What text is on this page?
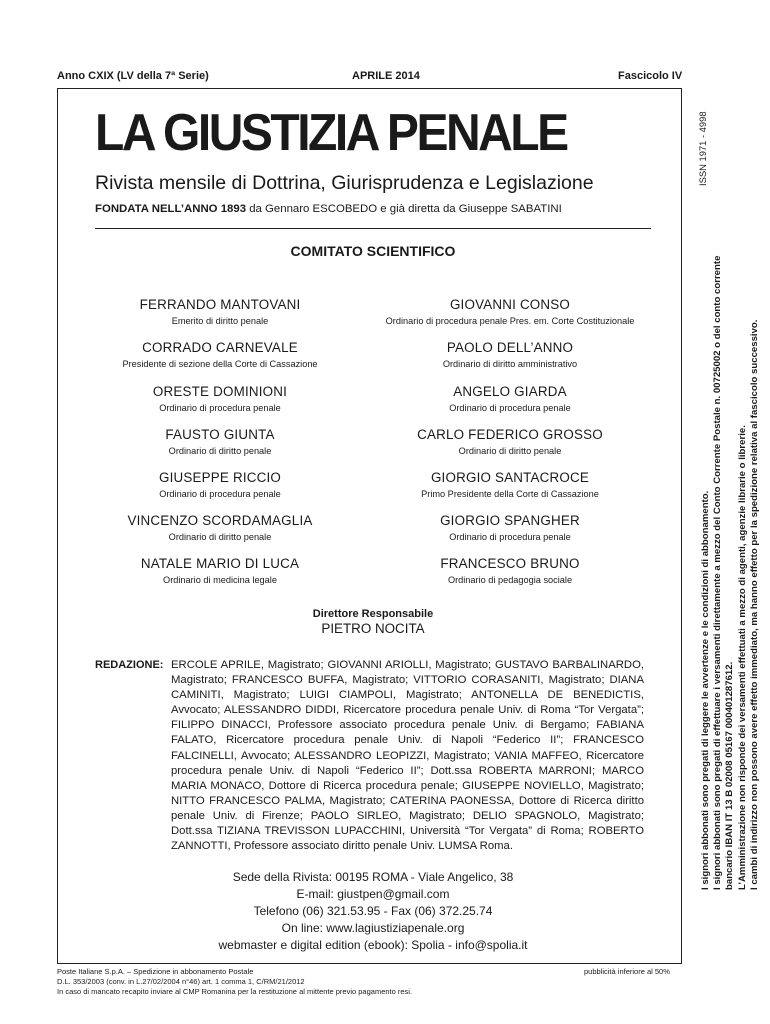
Anno CXIX (LV della 7ª Serie)	APRILE 2014	Fascicolo IV
LA GIUSTIZIA PENALE
Rivista mensile di Dottrina, Giurisprudenza e Legislazione
FONDATA NELL’ANNO 1893 da Gennaro ESCOBEDO e già diretta da Giuseppe SABATINI
ISSN 1971 - 4998
COMITATO SCIENTIFICO
FERRANDO MANTOVANI
Emerito di diritto penale
CORRADO CARNEVALE
Presidente di sezione della Corte di Cassazione
ORESTE DOMINIONI
Ordinario di procedura penale
FAUSTO GIUNTA
Ordinario di diritto penale
GIUSEPPE RICCIO
Ordinario di procedura penale
VINCENZO SCORDAMAGLIA
Ordinario di diritto penale
NATALE MARIO DI LUCA
Ordinario di medicina legale
GIOVANNI CONSO
Ordinario di procedura penale Pres. em. Corte Costituzionale
PAOLO DELL’ANNO
Ordinario di diritto amministrativo
ANGELO GIARDA
Ordinario di procedura penale
CARLO FEDERICO GROSSO
Ordinario di diritto penale
GIORGIO SANTACROCE
Primo Presidente della Corte di Cassazione
GIORGIO SPANGHER
Ordinario di procedura penale
FRANCESCO BRUNO
Ordinario di pedagogia sociale
Direttore Responsabile
PIETRO NOCITA
REDAZIONE: ERCOLE APRILE, Magistrato; GIOVANNI ARIOLLI, Magistrato; GUSTAVO BARBALINARDO, Magistrato; FRANCESCO BUFFA, Magistrato; VITTORIO CORASANITI, Magistrato; DIANA CAMINITI, Magistrato; LUIGI CIAMPOLI, Magistrato; ANTONELLA DE BENEDICTIS, Avvocato; ALESSANDRO DIDDI, Ricercatore procedura penale Univ. di Roma “Tor Vergata”; FILIPPO DINACCI, Professore associato procedura penale Univ. di Bergamo; FABIANA FALATO, Ricercatore procedura penale Univ. di Napoli “Federico II”; FRANCESCO FALCINELLI, Avvocato; ALESSANDRO LEOPIZZI, Magistrato; VANIA MAFFEO, Ricercatore procedura penale Univ. di Napoli “Federico II”; Dott.ssa ROBERTA MARRONI; MARCO MARIA MONACO, Dottore di Ricerca procedura penale; GIUSEPPE NOVIELLO, Magistrato; NITTO FRANCESCO PALMA, Magistrato; CATERINA PAONESSA, Dottore di Ricerca diritto penale Univ. di Firenze; PAOLO SIRLEO, Magistrato; DELIO SPAGNOLO, Magistrato; Dott.ssa TIZIANA TREVISSON LUPACCHINI, Università “Tor Vergata” di Roma; ROBERTO ZANNOTTI, Professore associato diritto penale Univ. LUMSA Roma.
Sede della Rivista: 00195 ROMA - Viale Angelico, 38
E-mail: giustpen@gmail.com
Telefono (06) 321.53.95 - Fax (06) 372.25.74
On line: www.lagiustiziapenale.org
webmaster e digital edition (ebook): Spolia - info@spolia.it
Poste Italiane S.p.A. – Spedizione in abbonamento Postale
D.L. 353/2003 (conv. in L.27/02/2004 n°46) art. 1 comma 1, C/RM/21/2012
In caso di mancato recapito inviare al CMP Romanina per la restituzione al mittente previo pagamento resi.
pubblicità inferiore al 50%
I signori abbonati sono pregati di leggere le avvertenze e le condizioni di abbonamento. I signori abbonati sono pregati di effettuare i versamenti direttamente a mezzo del Conto Corrente Postale n. 00725002 o del conto corrente bancario IBAN IT 13 B 02008 05167 000401287612. L’Amministrazione non risponde dei versamenti effettuati a mezzo di agenti, agenzie librarie o librerie. I cambi di indirizzo non possono avere effetto immediato, ma hanno effetto per la spedizione relativa al fascicolo successivo.
